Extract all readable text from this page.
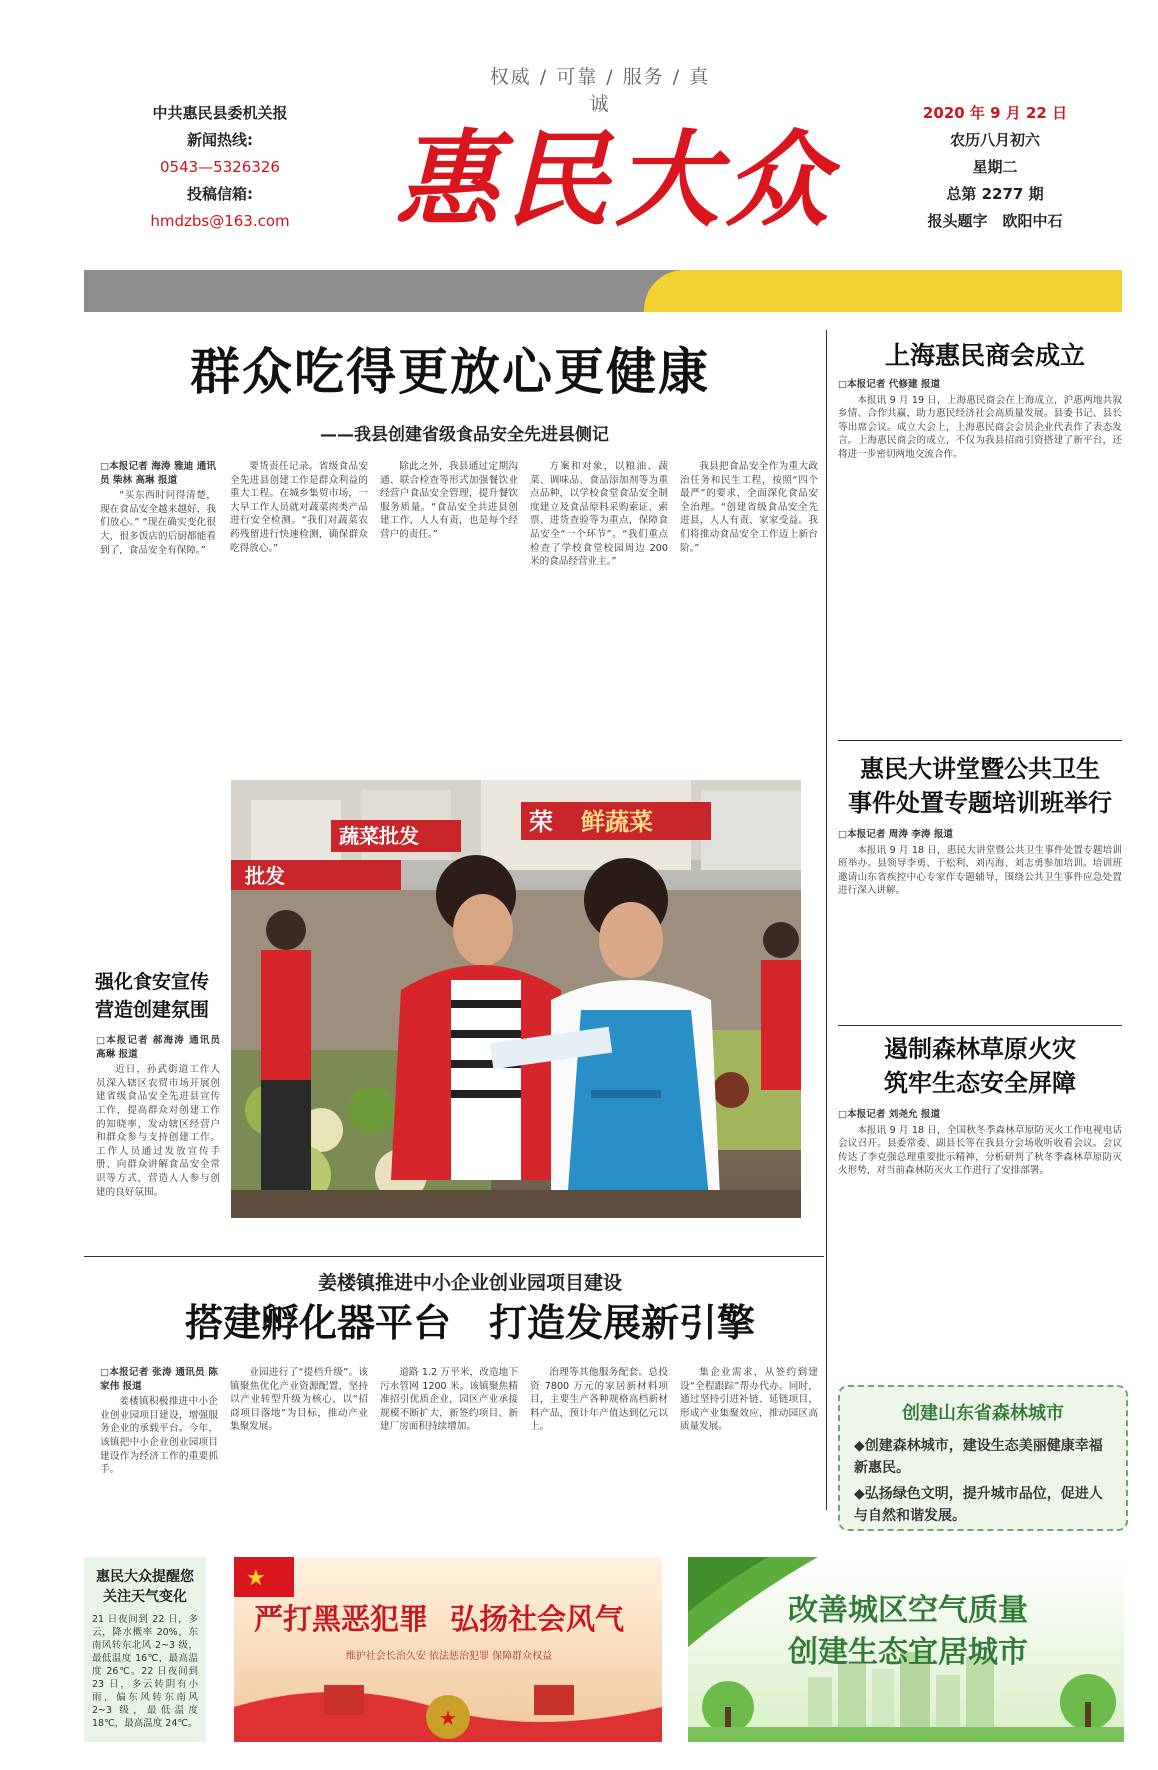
权威 / 可靠 / 服务 / 真诚
中共惠民县委机关报
新闻热线:
0543—5326326
投稿信箱:
hmdzbs@163.com	惠民大众
2020 年 9 月 22 日
农历八月初六
星期二
总第 2277 期
报头题字　欧阳中石
群众吃得更放心更健康
——我县创建省级食品安全先进县侧记

□本报记者 海涛 雅迪 通讯员 柴林 高琳 报道

“买东西时问得清楚，现在食品安全越来越好，我们放心。” “现在确实变化很大，很多饭店的后厨都能看到了，食品安全有保障。”

要货责任记录。省级食品安全先进县创建工作是群众利益的重大工程。在城乡集贸市场，一大早工作人员就对蔬菜肉类产品进行安全检测。“我们对蔬菜农药残留进行快速检测，确保群众吃得放心。”

除此之外，我县通过定期沟通、联合检查等形式加强餐饮业经营户食品安全管理，提升餐饮服务质量。“食品安全共进县创建工作，人人有责，也是每个经营户的责任。”

方案和对象，以粮油、蔬菜、调味品、食品添加剂等为重点品种，以学校食堂食品安全制度建立及食品原料采购索证、索票、进货查验等为重点，保障食品安全“一个环节”。“我们重点检查了学校食堂校园周边 200 米的食品经营业主。”

我县把食品安全作为重大政治任务和民生工程，按照“四个最严”的要求，全面深化食品安全治理。“创建省级食品安全先进县，人人有责、家家受益。我们将推动食品安全工作迈上新台阶。”

上海惠民商会成立

□本报记者 代修建 报道

本报讯 9 月 19 日，上海惠民商会在上海成立，沪惠两地共叙乡情、合作共赢，助力惠民经济社会高质量发展。县委书记、县长等出席会议。成立大会上，上海惠民商会会员企业代表作了表态发言。上海惠民商会的成立，不仅为我县招商引资搭建了新平台，还将进一步密切两地交流合作。

惠民大讲堂暨公共卫生
事件处置专题培训班举行

□本报记者 周涛 李涛 报道

本报讯 9 月 18 日，惠民大讲堂暨公共卫生事件处置专题培训班举办。县领导李勇、于松利、刘丙海、刘志勇参加培训。培训班邀请山东省疾控中心专家作专题辅导，围绕公共卫生事件应急处置进行深入讲解。

遏制森林草原火灾
筑牢生态安全屏障

□本报记者 刘尧允 报道

本报讯 9 月 18 日，全国秋冬季森林草原防灭火工作电视电话会议召开。县委常委、副县长等在我县分会场收听收看会议。会议传达了李克强总理重要批示精神，分析研判了秋冬季森林草原防灭火形势，对当前森林防灭火工作进行了安排部署。

强化食安宣传
营造创建氛围

□本报记者 郝海涛 通讯员 高琳 报道

近日，孙武街道工作人员深入辖区农贸市场开展创建省级食品安全先进县宣传工作，提高群众对创建工作的知晓率，发动辖区经营户和群众参与支持创建工作。工作人员通过发放宣传手册、向群众讲解食品安全常识等方式，营造人人参与创建的良好氛围。

批发
蔬菜批发	荣 鲜蔬菜
姜楼镇推进中小企业创业园项目建设
搭建孵化器平台　打造发展新引擎

□本报记者 张涛 通讯员 陈家伟 报道

姜楼镇积极推进中小企业创业园项目建设，增强服务企业的承载平台。今年，该镇把中小企业创业园项目建设作为经济工作的重要抓手。

业园进行了“提档升级”。该镇聚焦优化产业资源配置，坚持以产业转型升级为核心，以“招商项目落地”为目标，推动产业集聚发展。

道路 1.2 万平米，改造地下污水管网 1200 米。该镇聚焦精准招引优质企业，园区产业承接规模不断扩大，新签约项目、新建厂房面积持续增加。

治理等其他服务配套。总投资 7800 万元的家居新材料项目，主要生产各种规格高档新材料产品，预计年产值达到亿元以上。

集企业需求，从签约到建设“全程跟踪”帮办代办。同时，通过坚持引进补链、延链项目，形成产业集聚效应，推动园区高质量发展。

创建山东省森林城市
◆创建森林城市，建设生态美丽健康幸福新惠民。
◆弘扬绿色文明，提升城市品位，促进人与自然和谐发展。
惠民大众提醒您关注天气变化
21 日夜间到 22 日，多云，降水概率 20%，东南风转东北风 2~3 级，最低温度 16℃，最高温度 26℃。22 日夜间到 23 日，多云转阴有小雨，偏东风转东南风 2~3 级，最低温度 18℃，最高温度 24℃。
★
★
严打黑恶犯罪 弘扬社会风气
维护社会长治久安 依法惩治犯罪 保障群众权益
改善城区空气质量
创建生态宜居城市
